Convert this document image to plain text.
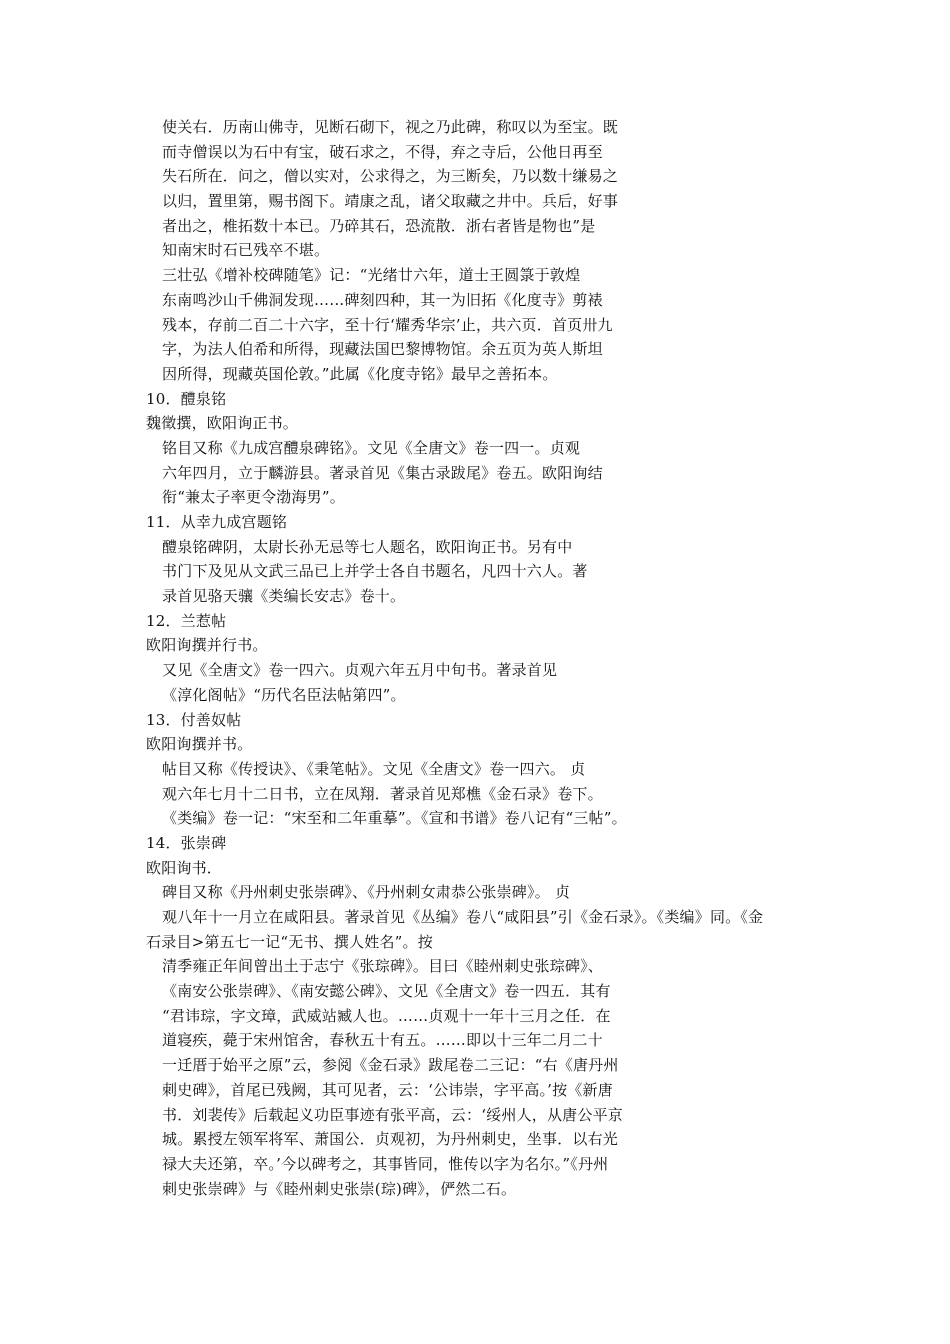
使关右．历南山佛寺，见断石砌下，视之乃此碑，称叹以为至宝。既
而寺僧误以为石中有宝，破石求之，不得，弃之寺后，公他日再至
失石所在．问之，僧以实对，公求得之，为三断矣，乃以数十缣易之
以归，置里第，赐书阁下。靖康之乱，诸父取藏之井中。兵后，好事
者出之，椎拓数十本已。乃碎其石，恐流散．浙右者皆是物也”是
知南宋时石已残卒不堪。
三壮弘《增补校碑随笔》记：“光绪廿六年，道士王圆箓于敦煌
东南鸣沙山千佛洞发现……碑刻四种，其一为旧拓《化度寺》剪裱
残本，存前二百二十六字，至十行‘耀秀华宗’止，共六页．首页卅九
字，为法人伯希和所得，现藏法国巴黎博物馆。余五页为英人斯坦
因所得，现藏英国伦敦。”此属《化度寺铭》最早之善拓本。
10．醴泉铭
魏徵撰，欧阳询正书。
铭目又称《九成宫醴泉碑铭》。文见《全唐文》卷一四一。贞观
六年四月，立于麟游县。著录首见《集古录跋尾》卷五。欧阳询结
衔“兼太子率更令渤海男”。
11．从幸九成宫题铭
醴泉铭碑阴，太尉长孙无忌等七人题名，欧阳询正书。另有中
书门下及见从文武三品已上并学士各自书题名，凡四十六人。著
录首见骆天骧《类编长安志》卷十。
12．兰惹帖
欧阳询撰并行书。
又见《全唐文》卷一四六。贞观六年五月中旬书。著录首见
《淳化阁帖》“历代名臣法帖第四”。
13．付善奴帖
欧阳询撰并书。
帖目又称《传授诀》、《秉笔帖》。文见《全唐文》卷一四六。 贞
观六年七月十二日书，立在凤翔．著录首见郑樵《金石录》卷下。
《类编》卷一记：“宋至和二年重摹”。《宣和书谱》卷八记有“三帖”。
14．张崇碑
欧阳询书．
碑目又称《丹州刺史张崇碑》、《丹州刺女肃恭公张崇碑》。 贞
观八年十一月立在咸阳县。著录首见《丛编》卷八“咸阳县”引《金石录》。《类编》同。《金
石录目>第五七一记“无书、撰人姓名”。按
清季雍正年间曾出土于志宁《张琮碑》。目曰《睦州刺史张琮碑》、
《南安公张崇碑》、《南安懿公碑》、文见《全唐文》卷一四五．其有
“君讳琮，字文璋，武威站臧人也。……贞观十一年十三月之任．在
道寝疾，薨于宋州馆舍，春秋五十有五。……即以十三年二月二十
一迁厝于始平之原”云，参阅《金石录》跋尾卷二三记：“右《唐丹州
刺史碑》，首尾已残阙，其可见者，云：‘公讳崇，字平高。’按《新唐
书．刘裴传》后载起义功臣事迹有张平高，云：‘绥州人，从唐公平京
城。累授左领军将军、萧国公．贞观初，为丹州刺史，坐事．以右光
禄大夫还第，卒。’今以碑考之，其事皆同，惟传以字为名尔。”《丹州
刺史张崇碑》与《睦州刺史张崇(琮)碑》，俨然二石。
